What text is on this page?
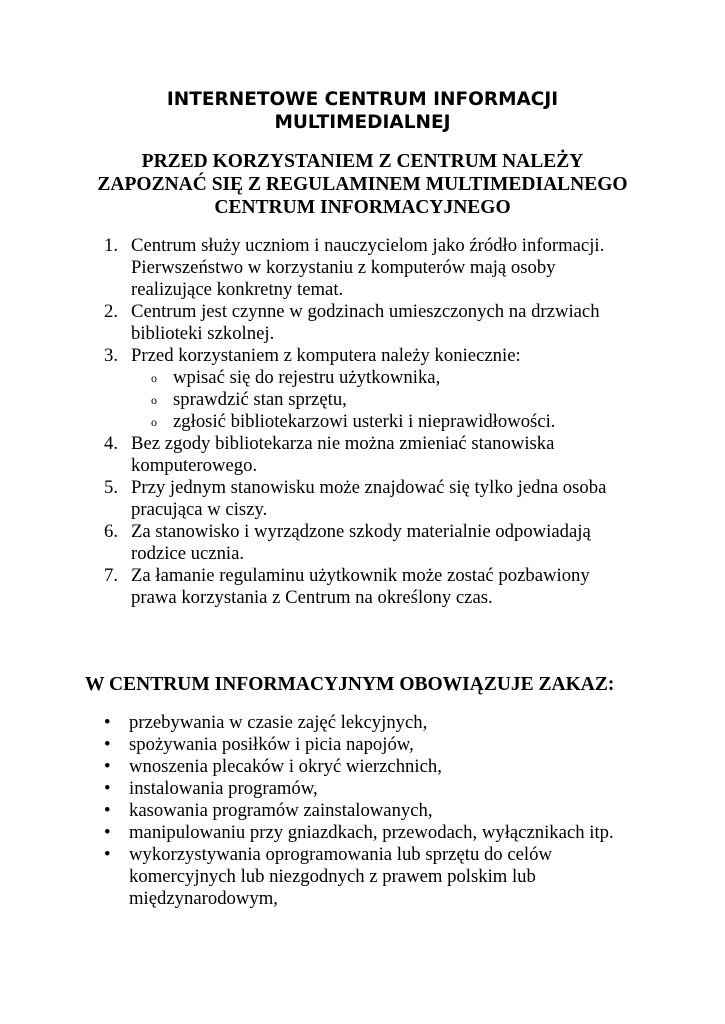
INTERNETOWE CENTRUM INFORMACJI
MULTIMEDIALNEJ
PRZED KORZYSTANIEM Z CENTRUM NALEŻY
ZAPOZNAĆ SIĘ Z REGULAMINEM MULTIMEDIALNEGO
CENTRUM INFORMACYJNEGO
1. Centrum służy uczniom i nauczycielom jako źródło informacji.
Pierwszeństwo w korzystaniu z komputerów mają osoby
realizujące konkretny temat.
2. Centrum jest czynne w godzinach umieszczonych na drzwiach
biblioteki szkolnej.
3. Przed korzystaniem z komputera należy koniecznie:
o wpisać się do rejestru użytkownika,
o sprawdzić stan sprzętu,
o zgłosić bibliotekarzowi usterki i nieprawidłowości.
4. Bez zgody bibliotekarza nie można zmieniać stanowiska
komputerowego.
5. Przy jednym stanowisku może znajdować się tylko jedna osoba
pracująca w ciszy.
6. Za stanowisko i wyrządzone szkody materialnie odpowiadają
rodzice ucznia.
7. Za łamanie regulaminu użytkownik może zostać pozbawiony
prawa korzystania z Centrum na określony czas.
W CENTRUM INFORMACYJNYM OBOWIĄZUJE ZAKAZ:
• przebywania w czasie zajęć lekcyjnych,
• spożywania posiłków i picia napojów,
• wnoszenia plecaków i okryć wierzchnich,
• instalowania programów,
• kasowania programów zainstalowanych,
• manipulowaniu przy gniazdkach, przewodach, wyłącznikach itp.
• wykorzystywania oprogramowania lub sprzętu do celów
komercyjnych lub niezgodnych z prawem polskim lub
międzynarodowym,
